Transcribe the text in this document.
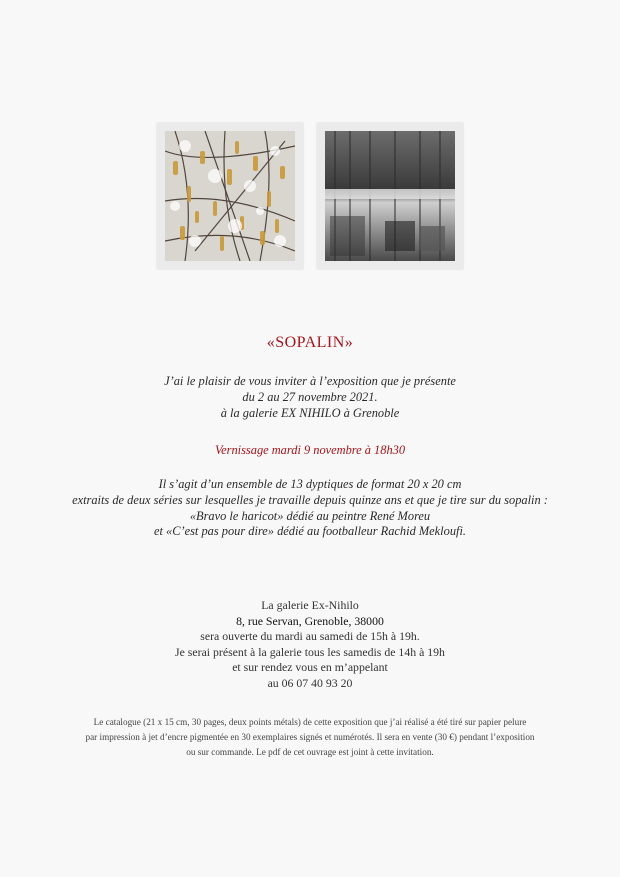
«SOPALIN»
J’ai le plaisir de vous inviter à l’exposition que je présente
du 2 au 27 novembre 2021.
à la galerie EX NIHILO à Grenoble
Vernissage mardi 9 novembre à 18h30
Il s’agit d’un ensemble de 13 dyptiques de format 20 x 20 cm
extraits de deux séries sur lesquelles je travaille depuis quinze ans et que je tire sur du sopalin :
«Bravo le haricot» dédié au peintre René Moreu
et «C’est pas pour dire» dédié au footballeur Rachid Mekloufi.
La galerie Ex-Nihilo
8, rue Servan, Grenoble, 38000
sera ouverte du mardi au samedi de 15h à 19h.
Je serai présent à la galerie tous les samedis de 14h à 19h
et sur rendez vous en m’appelant
au 06 07 40 93 20
Le catalogue (21 x 15 cm, 30 pages, deux points métals) de cette exposition que j’ai réalisé a été tiré sur papier pelure
par impression à jet d’encre pigmentée en 30 exemplaires signés et numérotés. Il sera en vente (30 €) pendant l’exposition
ou sur commande. Le pdf de cet ouvrage est joint à cette invitation.
